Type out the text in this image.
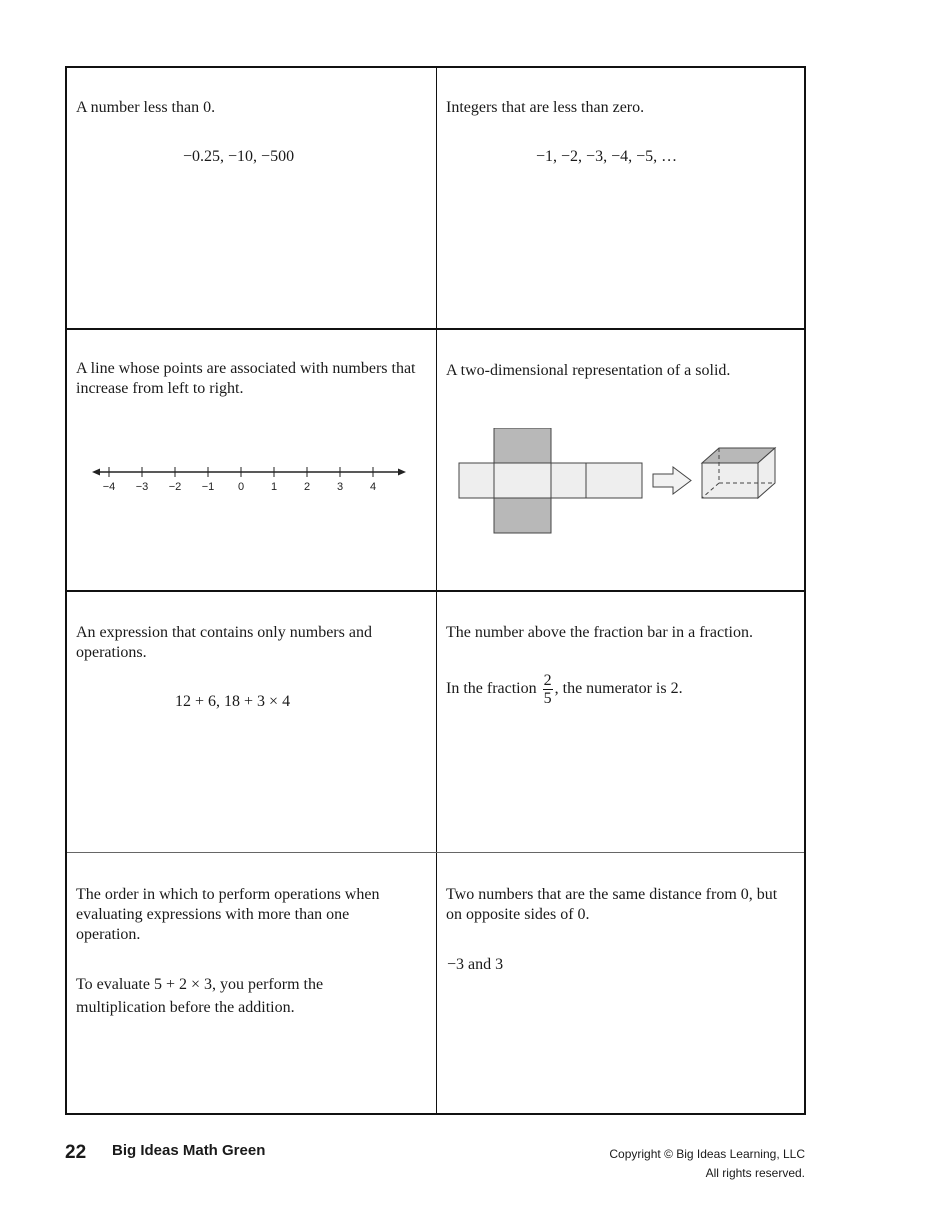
A number less than 0.
−0.25, −10, −500
Integers that are less than zero.
−1, −2, −3, −4, −5, …
A line whose points are associated with numbers that increase from left to right.
−4 −3 −2 −1 0 1 2 3 4
A two-dimensional representation of a solid.
An expression that contains only numbers and operations.
12 + 6, 18 + 3 × 4
The number above the fraction bar in a fraction.
In the fraction $\frac{2}{5}$ , the numerator is 2.
The order in which to perform operations when evaluating expressions with more than one operation.
To evaluate 5 + 2 × 3, you perform the multiplication before the addition.
Two numbers that are the same distance from 0, but on opposite sides of 0.
−3 and 3
22 Big Ideas Math Green	Copyright © Big Ideas Learning, LLC
All rights reserved.
